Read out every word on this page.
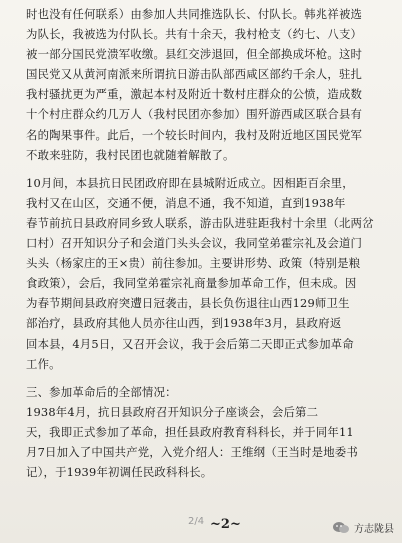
时也没有任何联系）由参加人共同推选队长、付队长。韩兆祥被选
为队长，我被选为付队长。共有十余天，我村枪支（约七、八支）
被一部分国民党溃军收缴。县红交涉退回，但全部换成坏枪。这时
国民党又从黄河南派来所谓抗日游击队部西咸区部约千余人，驻扎
我村骚扰更为严重，激起本村及附近十数村庄群众的公愤，造成数
十个村庄群众约几万人（我村民团亦参加）围歼游西咸区联合县有
名的陶果事件。此后，一个较长时间内，我村及附近地区国民党军
不敢来驻防，我村民团也就随着解散了。
10月间，本县抗日民团政府即在县城附近成立。因相距百余里，
我村又在山区，交通不便，消息不通，我不知道，直到1938年
春节前抗日县政府同乡致人联系，游击队进驻距我村十余里（北两岔
口村）召开知识分子和会道门头头会议，我同堂弟霍宗礼及会道门
头头（杨家庄的王×贵）前往参加。主要讲形势、政策（特别是粮
食政策），会后，我同堂弟霍宗礼商量参加革命工作，但未成。因
为春节期间县政府突遭日冠袭击，县长负伤退往山西129师卫生
部治疗，县政府其他人员亦往山西，到1938年3月，县政府返
回本县，4月5日，又召开会议，我于会后第二天即正式参加革命
工作。
三、参加革命后的全部情况：
1938年4月，抗日县政府召开知识分子座谈会，会后第二
天，我即正式参加了革命，担任县政府教育科科长，并于同年11
月7日加入了中国共产党，入党介绍人：王维纲（王当时是地委书
记），于1939年初调任民政科科长。
2/4 ~2~	方志陇县
